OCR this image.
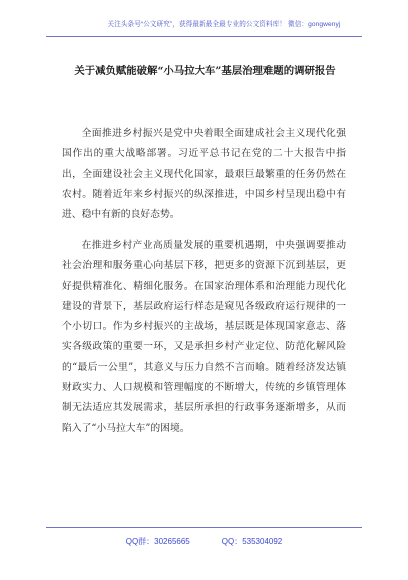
关注头条号“公文研究”，获得最新最全最专业的公文资料库！ 微信：gongwenyj
关于减负赋能破解“小马拉大车”基层治理难题的调研报告

全面推进乡村振兴是党中央着眼全面建成社会主义现代化强国作出的重大战略部署。习近平总书记在党的二十大报告中指出，全面建设社会主义现代化国家，最艰巨最繁重的任务仍然在农村。随着近年来乡村振兴的纵深推进，中国乡村呈现出稳中有进、稳中有新的良好态势。

在推进乡村产业高质量发展的重要机遇期，中央强调要推动社会治理和服务重心向基层下移，把更多的资源下沉到基层，更好提供精准化、精细化服务。在国家治理体系和治理能力现代化建设的背景下，基层政府运行样态是窥见各级政府运行规律的一个小切口。作为乡村振兴的主战场，基层既是体现国家意志、落实各级政策的重要一环，又是承担乡村产业定位、防范化解风险的“最后一公里”，其意义与压力自然不言而喻。随着经济发达镇财政实力、人口规模和管理幅度的不断增大，传统的乡镇管理体制无法适应其发展需求，基层所承担的行政事务逐渐增多，从而陷入了“小马拉大车”的困境。

QQ群：30265665	QQ：535304092
